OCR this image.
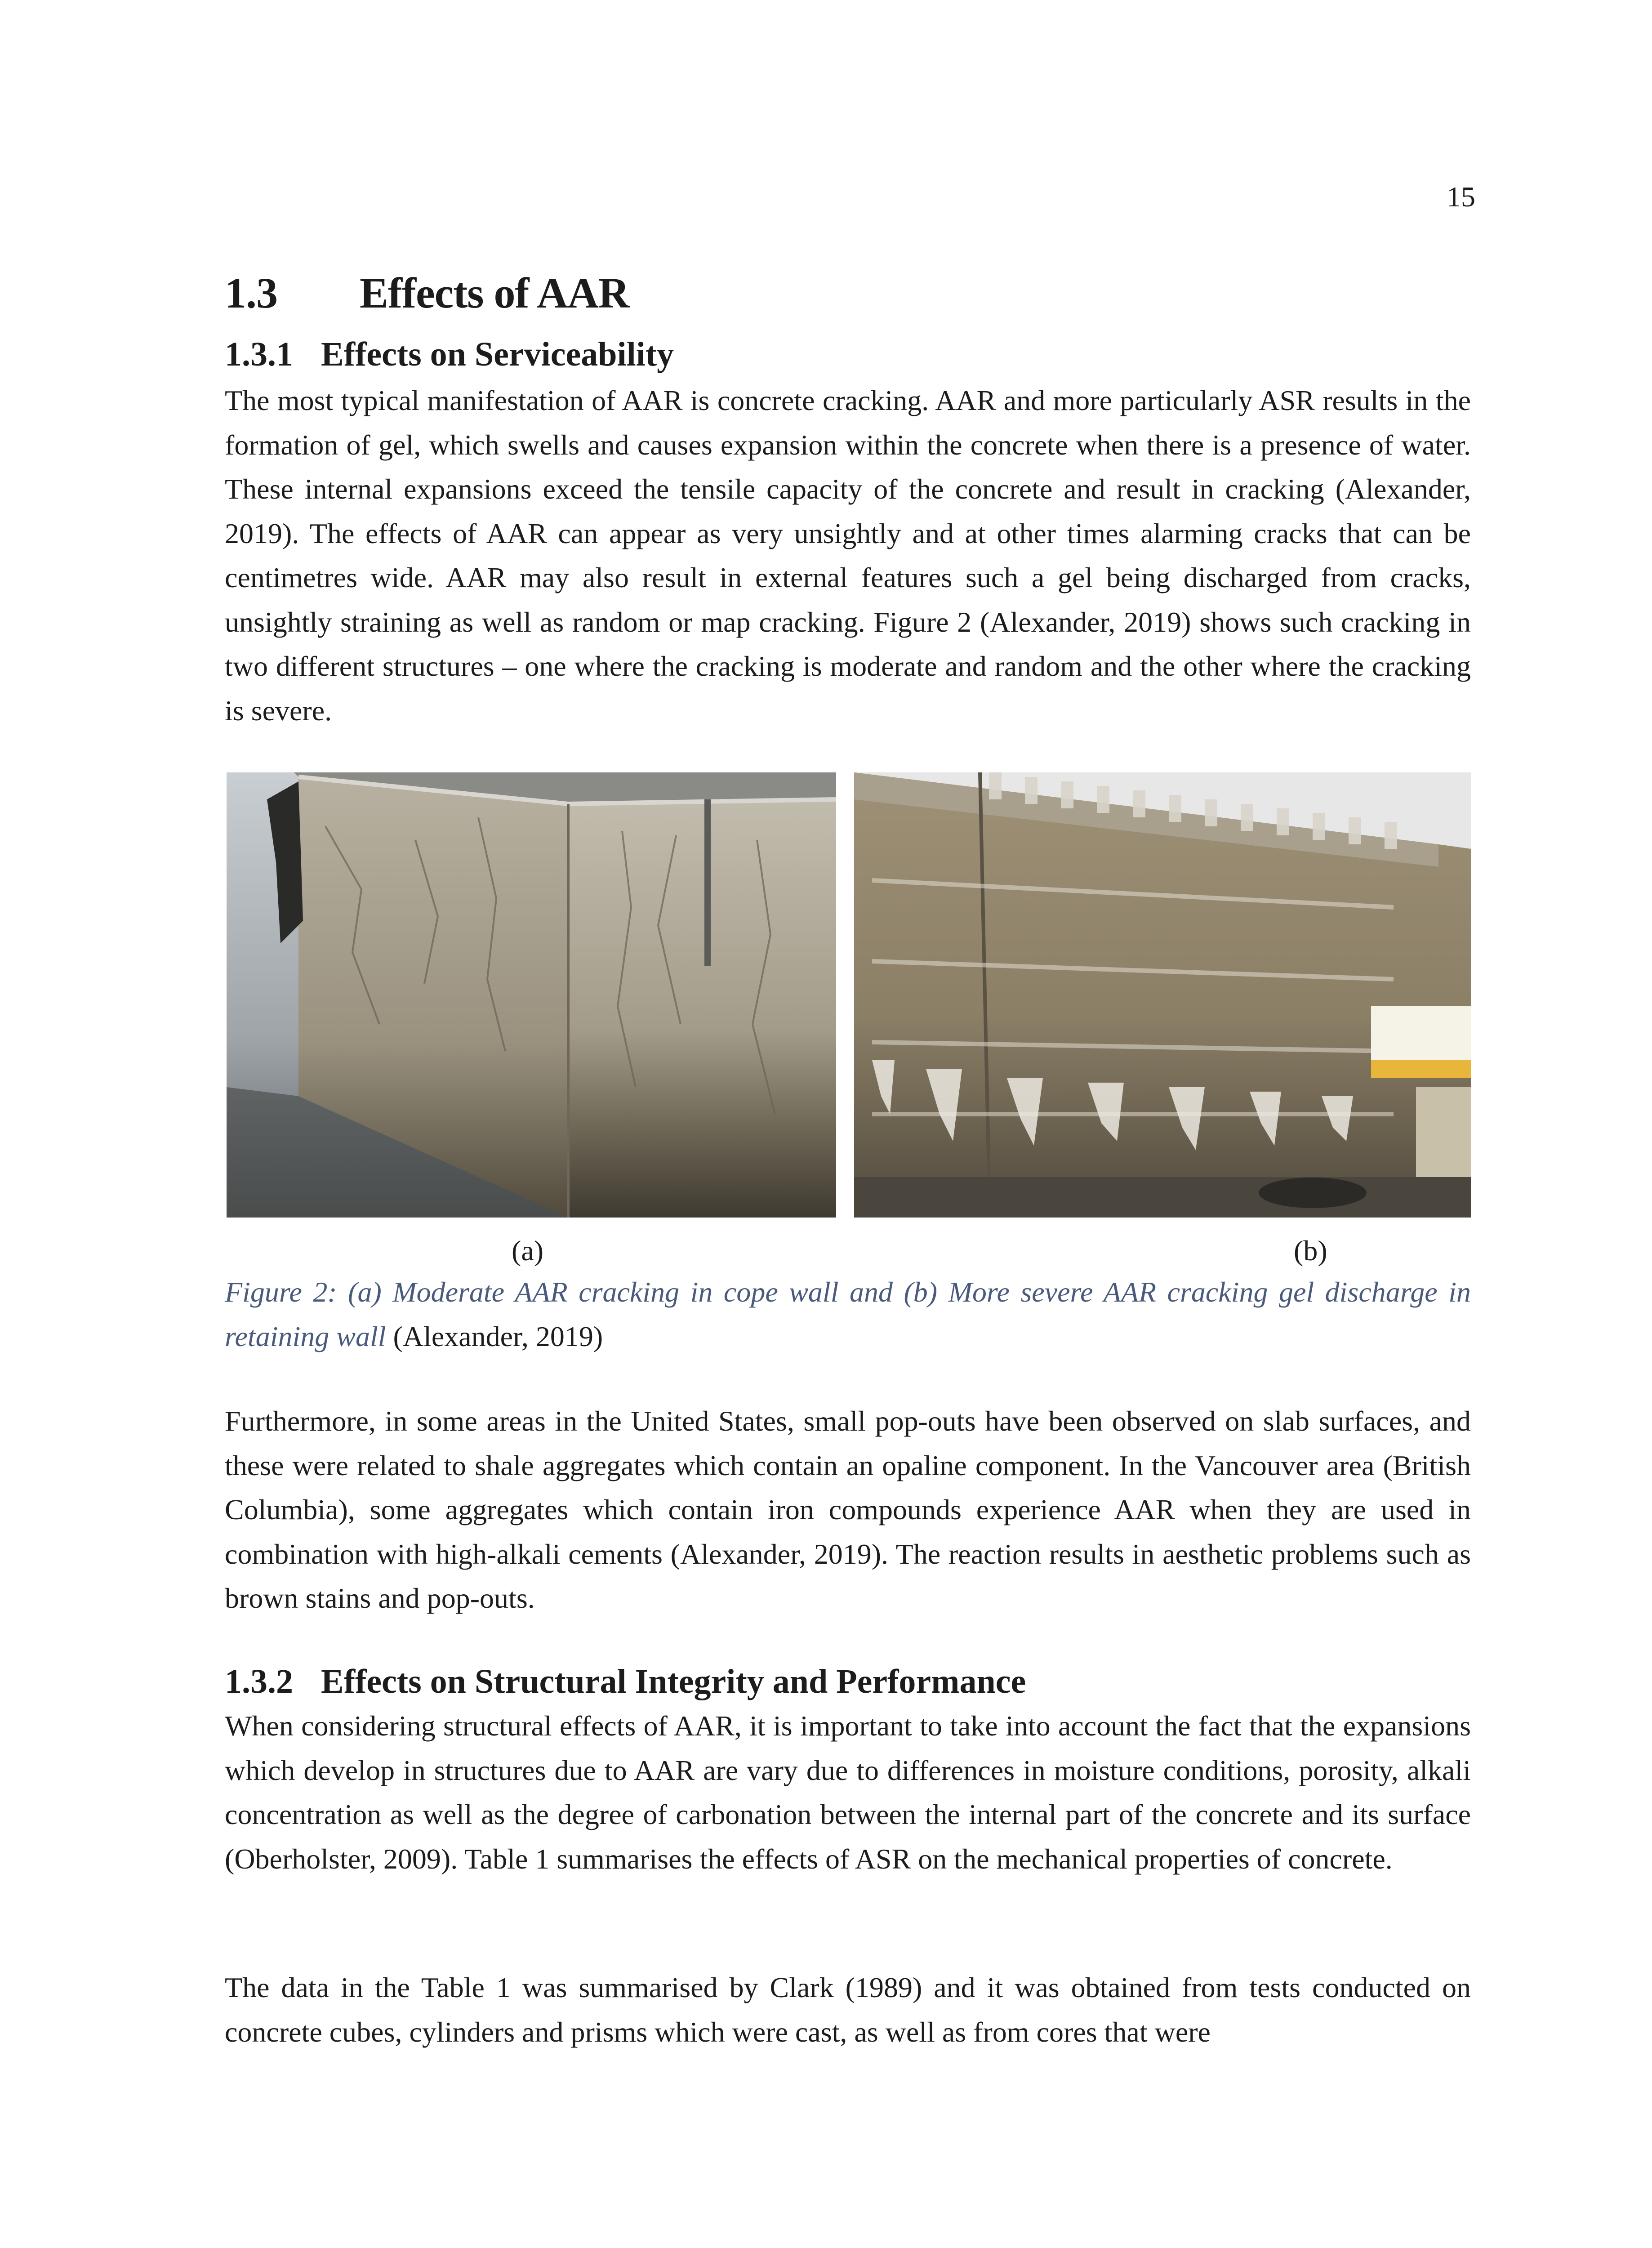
15
1.3 Effects of AAR
1.3.1 Effects on Serviceability

The most typical manifestation of AAR is concrete cracking. AAR and more particularly ASR results in the formation of gel, which swells and causes expansion within the concrete when there is a presence of water. These internal expansions exceed the tensile capacity of the concrete and result in cracking (Alexander, 2019). The effects of AAR can appear as very unsightly and at other times alarming cracks that can be centimetres wide. AAR may also result in external features such a gel being discharged from cracks, unsightly straining as well as random or map cracking. Figure 2 (Alexander, 2019) shows such cracking in two different structures – one where the cracking is moderate and random and the other where the cracking is severe.

(a)	(b)

Figure 2: (a) Moderate AAR cracking in cope wall and (b) More severe AAR cracking gel discharge in retaining wall (Alexander, 2019)

Furthermore, in some areas in the United States, small pop-outs have been observed on slab surfaces, and these were related to shale aggregates which contain an opaline component. In the Vancouver area (British Columbia), some aggregates which contain iron compounds experience AAR when they are used in combination with high-alkali cements (Alexander, 2019). The reaction results in aesthetic problems such as brown stains and pop-outs.

1.3.2 Effects on Structural Integrity and Performance

When considering structural effects of AAR, it is important to take into account the fact that the expansions which develop in structures due to AAR are vary due to differences in moisture conditions, porosity, alkali concentration as well as the degree of carbonation between the internal part of the concrete and its surface (Oberholster, 2009). Table 1 summarises the effects of ASR on the mechanical properties of concrete.

The data in the Table 1 was summarised by Clark (1989) and it was obtained from tests conducted on concrete cubes, cylinders and prisms which were cast, as well as from cores that were
